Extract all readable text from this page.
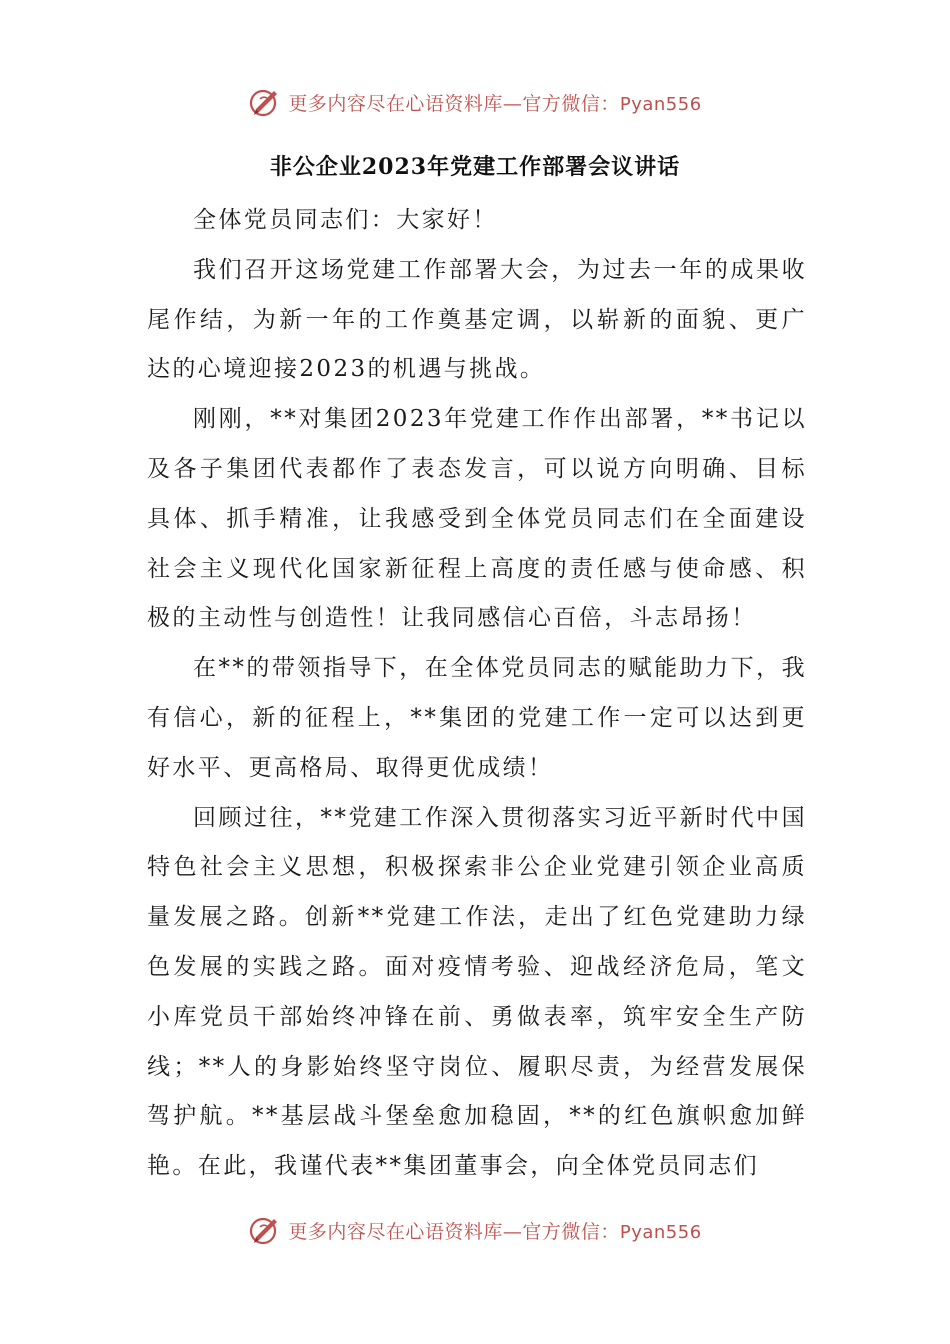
更多内容尽在心语资料库—官方微信：Pyan556
非公企业2023年党建工作部署会议讲话

全体党员同志们：大家好！

我们召开这场党建工作部署大会，为过去一年的成果收尾作结，为新一年的工作奠基定调，以崭新的面貌、更广达的心境迎接2023的机遇与挑战。

刚刚，**对集团2023年党建工作作出部署，**书记以及各子集团代表都作了表态发言，可以说方向明确、目标具体、抓手精准，让我感受到全体党员同志们在全面建设社会主义现代化国家新征程上高度的责任感与使命感、积极的主动性与创造性！让我同感信心百倍，斗志昂扬！

在**的带领指导下，在全体党员同志的赋能助力下，我有信心，新的征程上，**集团的党建工作一定可以达到更好水平、更高格局、取得更优成绩！

回顾过往，**党建工作深入贯彻落实习近平新时代中国特色社会主义思想，积极探索非公企业党建引领企业高质量发展之路。创新**党建工作法，走出了红色党建助力绿色发展的实践之路。面对疫情考验、迎战经济危局，笔文小库党员干部始终冲锋在前、勇做表率，筑牢安全生产防线；**人的身影始终坚守岗位、履职尽责，为经营发展保驾护航。**基层战斗堡垒愈加稳固，**的红色旗帜愈加鲜艳。在此，我谨代表**集团董事会，向全体党员同志们

更多内容尽在心语资料库—官方微信：Pyan556
